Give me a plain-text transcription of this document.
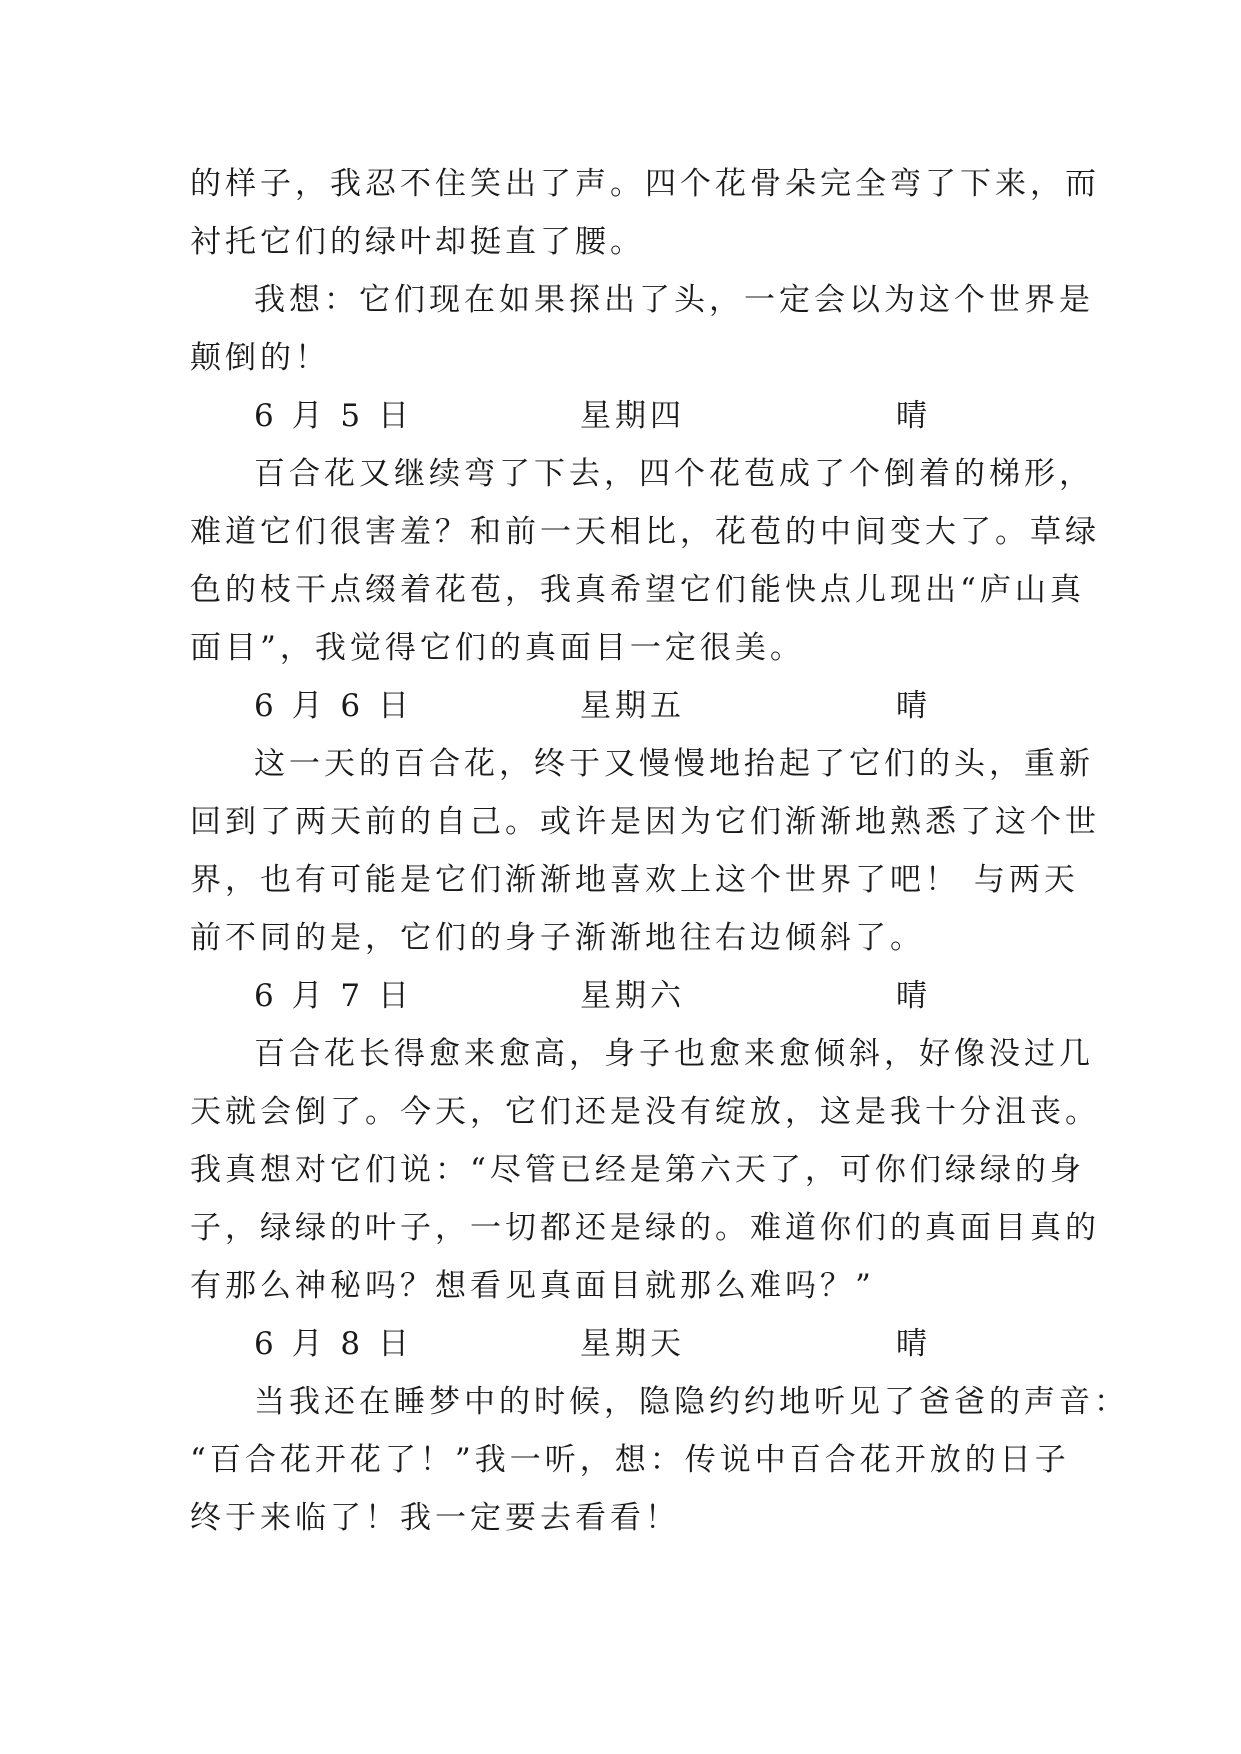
的样子，我忍不住笑出了声。四个花骨朵完全弯了下来，而
衬托它们的绿叶却挺直了腰。
我想：它们现在如果探出了头，一定会以为这个世界是
颠倒的！
6 月 5 日	星期四	晴
百合花又继续弯了下去，四个花苞成了个倒着的梯形，
难道它们很害羞？和前一天相比，花苞的中间变大了。草绿
色的枝干点缀着花苞，我真希望它们能快点儿现出“庐山真
面目”，我觉得它们的真面目一定很美。
6 月 6 日	星期五	晴
这一天的百合花，终于又慢慢地抬起了它们的头，重新
回到了两天前的自己。或许是因为它们渐渐地熟悉了这个世
界，也有可能是它们渐渐地喜欢上这个世界了吧！ 与两天
前不同的是，它们的身子渐渐地往右边倾斜了。
6 月 7 日	星期六	晴
百合花长得愈来愈高，身子也愈来愈倾斜，好像没过几
天就会倒了。今天，它们还是没有绽放，这是我十分沮丧。
我真想对它们说：“尽管已经是第六天了，可你们绿绿的身
子，绿绿的叶子，一切都还是绿的。难道你们的真面目真的
有那么神秘吗？想看见真面目就那么难吗？”
6 月 8 日	星期天	晴
当我还在睡梦中的时候，隐隐约约地听见了爸爸的声音：
“百合花开花了！”我一听，想：传说中百合花开放的日子
终于来临了！我一定要去看看！
